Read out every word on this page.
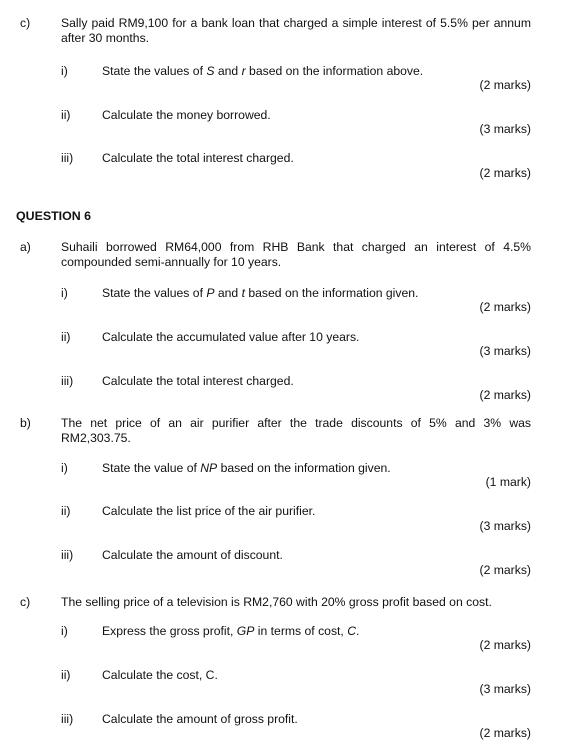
c)	Sally paid RM9,100 for a bank loan that charged a simple interest of 5.5% per annum after 30 months.
i)	State the values of S and r based on the information above.
(2 marks)
ii)	Calculate the money borrowed.
(3 marks)
iii) Calculate the total interest charged.
(2 marks)
QUESTION 6
a) Suhaili borrowed RM64,000 from RHB Bank that charged an interest of 4.5% compounded semi-annually for 10 years.
i)	State the values of P and t based on the information given.
(2 marks)
ii)	Calculate the accumulated value after 10 years.
(3 marks)
iii) Calculate the total interest charged.
(2 marks)
b) The net price of an air purifier after the trade discounts of 5% and 3% was RM2,303.75.
i)	State the value of NP based on the information given.
(1 mark)
ii)	Calculate the list price of the air purifier.
(3 marks)
iii) Calculate the amount of discount.
(2 marks)
c)	The selling price of a television is RM2,760 with 20% gross profit based on cost.
i)	Express the gross profit, GP in terms of cost, C.
(2 marks)
ii)	Calculate the cost, C.
(3 marks)
iii) Calculate the amount of gross profit.
(2 marks)
